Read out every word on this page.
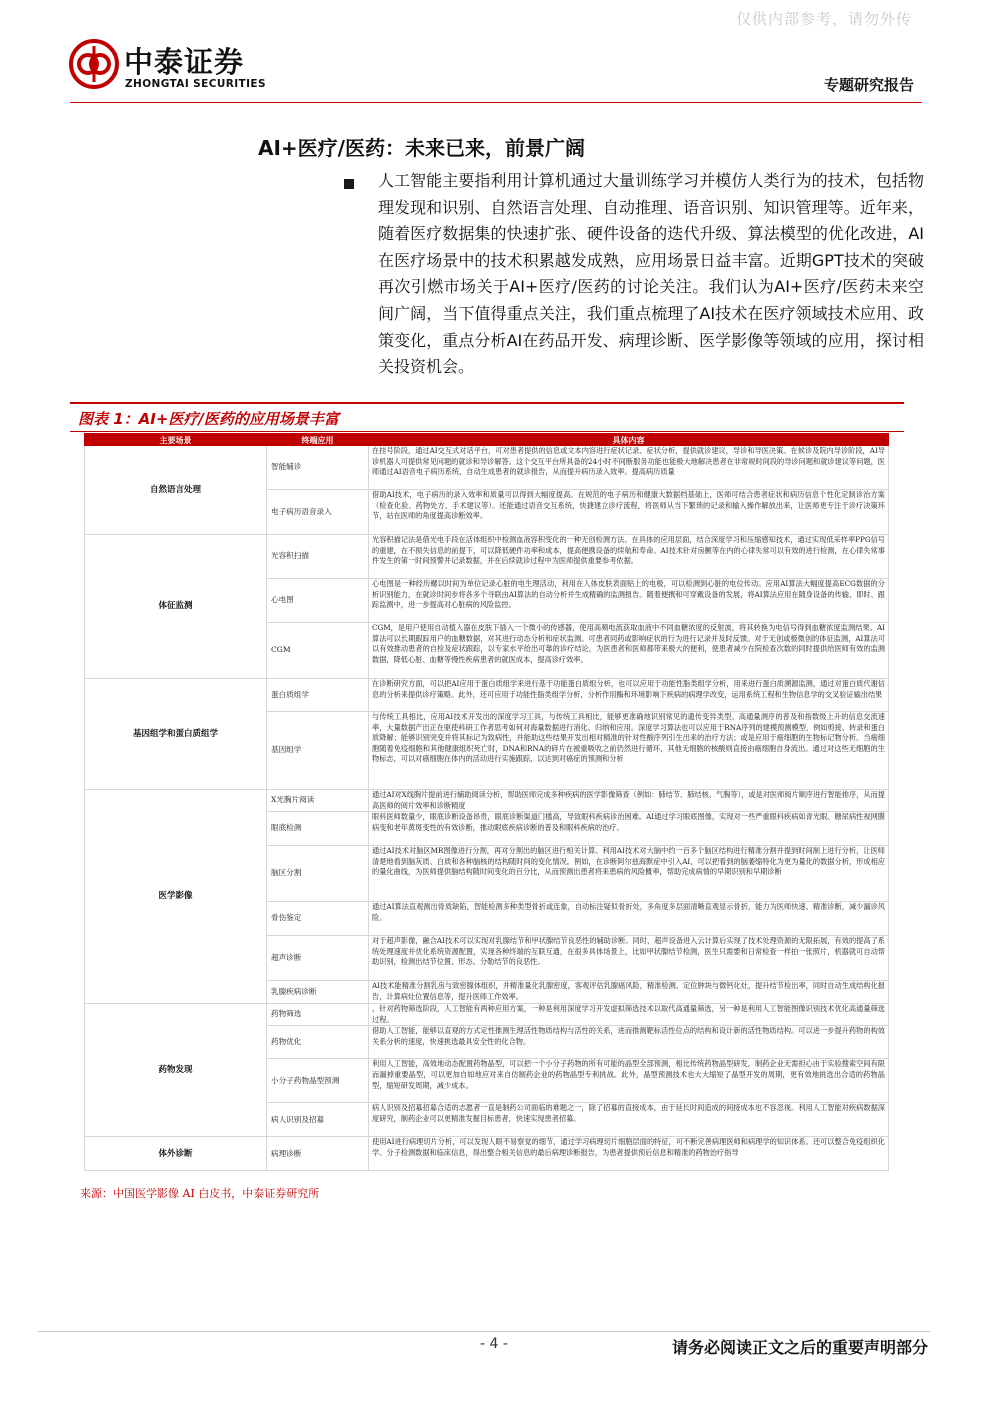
仅供内部参考，请勿外传
中泰证券
ZHONGTAI SECURITIES	专题研究报告
AI+医疗/医药：未来已来，前景广阔
人工智能主要指利用计算机通过大量训练学习并模仿人类行为的技术，包括物理发现和识别、自然语言处理、自动推理、语音识别、知识管理等。近年来，随着医疗数据集的快速扩张、硬件设备的迭代升级、算法模型的优化改进，AI在医疗场景中的技术积累越发成熟，应用场景日益丰富。近期GPT技术的突破再次引燃市场关于AI+医疗/医药的讨论关注。我们认为AI+医疗/医药未来空间广阔，当下值得重点关注，我们重点梳理了AI技术在医疗领域技术应用、政策变化，重点分析AI在药品开发、病理诊断、医学影像等领域的应用，探讨相关投资机会。
图表 1：AI+医疗/医药的应用场景丰富
主要场景	终端应用	具体内容
自然语言处理	智能辅诊	在挂号阶段，通过AI交互式对话平台，可对患者提供的信息或文本内容进行症状记录、症状分析，提供就诊建议，导诊和导医决策。在候诊及院内导诊阶段，AI导诊机器人可提供常见问题的就诊和导诊解答。这个交互平台所具备的24小时不间断服务功能也能极大地解决患者在非常规时间段的导诊问题和就诊建议等问题，医师通过AI语音电子病历系统，自动生成患者的就诊报告，从而提升病历录入效率。提高病历质量
	电子病历语音录入	借助AI技术，电子病历的录入效率和质量可以得到大幅度提高。在规范的电子病历和健康大数据档基础上，医师可结合患者症状和病历信息个性化定制诊治方案（检查化验、药物处方、手术建议等）。还能通过语音交互系统，快捷建立诊疗流程，将医师从当下繁琐的记录和输入操作解放出来，让医师更专注于诊疗决策环节，站在医师的角度提高诊断效率。
体征监测	光容积扫描	光容积描记法是借光电手段在活体组织中检测血液容积变化的一种无创检测方法。在具体的应用层面，结合深度学习和压缩感知技术，通过实现低采样率PPG信号的重建，在不损失信息的前提下，可以降低硬件功率和成本，提高便携设备的续航和寿命。AI技术针对房颤等在内的心律失常可以有效的进行检测，在心律失常事件发生的第一时间预警并记录数据，并在后续就诊过程中为医师提供重要参考依据。
	心电图	心电图是一种经历螺以时间为单位记录心脏的电生理活动，利用在人体皮肤表面贴上的电极，可以检测到心脏的电位传动。应用AI算法大幅度提高ECG数据的分析识别能力，在就诊时间步将各多个寻联由AI算法的自动分析并生成精确的监测报告。随着便携和可穿戴设备的发展，将AI算法应用在随身设备的传输、即时、跟踪监测中，进一步提高对心脏病的风险监控。
	CGM	CGM，是用户使用自动植入器在皮肤下插入一个微小的传感器，使用高频电流获取血液中不同血糖浓度的反射波，将其转换为电信号得到血糖浓度监测结果。AI算法可以长期跟踪用户的血糖数据，对其进行动态分析和症状监测。可患者同药或影响症状的行为进行记录并及时反馈。对于无创或极微创的体征监测，AI算法可以有效推动患者的自检及症状跟踪，以专家水平给出可靠的诊疗结论，为医患者和医师都带来极大的便利，使患者减少在院检查次数的同时提供给医师有效的监测数据，降低心脏、血糖等慢性疾病患者的就医成本，提高诊疗效率。
基因组学和蛋白质组学	蛋白质组学	在诊断研究方面，可以把AI应用于蛋白质组学来进行基于功能蛋白质组分析，也可以应用于功能性脂类组学分析，用来进行蛋白质溯源监测，通过对蛋白质代谢信息的分析来提供诊疗策略。此外，还可应用于功能性脂类组学分析，分析作用酶和环境影响下疾病的病理学改变，运用系统工程和生物信息学的交叉验证输出结果
	基因组学	与传统工具相比，应用AI技术开发出的深度学习工具，与传统工具相比，能够更准确地识别常见的遗传变异类型。高通量测序的普及和指数级上升的信息交流速率，大量数据产出正在驱使科研工作者思考如何对海量数据进行消化、归纳和应用。深度学习算法也可以应用于RNA序列的建模预测模型，例如剪接、转录和蛋白质降解；能够识别突变并将其标记为致病性，并能助这些结果开发出相对精准的针对性酸序列引生出来的治疗方法；或是应用于癌细胞的生物标记物分析。当癌细胞随着免疫细胞和其他健康组织死亡时，DNA和RNA的碎片在被重吸收之前仍然进行循环，其他无细胞的核酸则直接由癌细胞自身流出。通过对这些无细胞的生物标志，可以对癌细胞在体内的活动进行实施跟踪，以达到对癌症的预测和分析
医学影像	X光胸片阅读	通过AI对X线胸片提前进行辅助阅读分析，帮助医师完成多种疾病的医学影像筛查（例如：肺结节、肺结核、气胸等），或是对医师阅片顺序进行智能排序，从而提高医师的阅片效率和诊断精度
	眼底检测	眼科医师数量少，眼底诊断设备昂贵，眼底诊断渠道门槛高，导致眼科疾病诊治困难。AI通过学习眼底图像，实现对一些严重眼科疾病如青光眼、糖尿病性视网膜病变和老年黄斑变性的有效诊断，推动眼底疾病诊断的普及和眼科疾病的治疗。
	脑区分割	通过AI技术对脑区MR图像进行分割，再对分割出的脑区进行相关计算。利用AI技术对大脑中约一百多个脑区结构进行精准分割并提到时间制上进行分析，让医师清楚地看到脑灰质、白质和各种脑核的结构随时间的变化情况。例如，在诊断阿尔兹海默症中引入AI，可以把看到的脑萎缩特化为更为量化的数据分析，形成相应的量化曲线，为医师提供脑结构随时间变化的百分比，从而预测出患者将来患病的风险概率，帮助完成病情的早期识别和早期诊断
	骨伤鉴定	通过AI算法直观测出骨质缺陷，智能检测多种类型骨折或连象，自动标注疑似骨折处，多角度多层面清晰直观显示骨折，能力为医师快速、精准诊断，减少漏诊风险。
	超声诊断	对于超声影像，融合AI技术可以实现对乳腺结节和甲状腺结节良恶性的辅助诊断。同时，超声设备进入云计算后实现了技术处理资源的无限拓展，有效的提高了系统处理速度并优化系统资源配置，实现各种终端的互联互通，在很多具体场景上，比如甲状腺结节检测，医生只需要和日常检查一样拍一张照片，机器就可自动帮助识别，检测出结节位置、形态、分勒结节的良恶性。
	乳腺疾病诊断	AI技术能精准分割乳房与致密腺体组织，并精准量化乳腺密度，客观评估乳腺癌风险，精准检测、定位肿块与微钙化灶，提升结节检出率，同时自动生成结构化报告，计算病灶位置信息等，提升医师工作效率。
药物发现	药物筛选	，针对药物筛选阶段，人工智能有两种应用方案，一种是利用深度学习开发虚拟筛选技术以取代高通量筛选，另一种是利用人工智能图像识别技术优化高通量筛选过程。
	药物优化	借助人工智能，能够以直观的方式定性推测生理活性物质结构与活性的关系，进而推测靶标活性位点的结构和设计新的活性物质结构。可以进一步提升药物的构效关系分析的速度，快速挑选最具安全性的化合物。
	小分子药物晶型预测	利用人工智能，高效地动态配置药物晶型，可以把一个小分子药物的所有可能的晶型全部预测，相比传统药物晶型研发，制药企业无需担心由于实验搜索空间有限而漏掉重要晶型，可以更加自如地应对来自仿制药企业的药物晶型专利挑战。此外，晶型预测技术也大大缩短了晶型开发的周期，更有效地挑选出合适的药物晶型，缩短研发周期，减少成本。
	病人识别及招募	病人识别及招募招募合适的志愿者一直是制药公司面临的难题之一，除了招募的直接成本，由于延长时间造成的间接成本也不容忽视。利用人工智能对疾病数据深度研究，制药企业可以更精准发掘目标患者，快速实现患者招募。
体外诊断	病理诊断	使用AI进行病理切片分析，可以发现人眼不易察觉的细节，通过学习病理切片细胞层面的特征，可不断完善病理医师和病理学的知识体系。还可以整合免疫组织化学、分子检测数据和临床信息，得出整合相关信息的最后病理诊断报告，为患者提供预后信息和精准的药物治疗指导
来源：中国医学影像 AI 白皮书，中泰证券研究所
- 4 -	请务必阅读正文之后的重要声明部分
